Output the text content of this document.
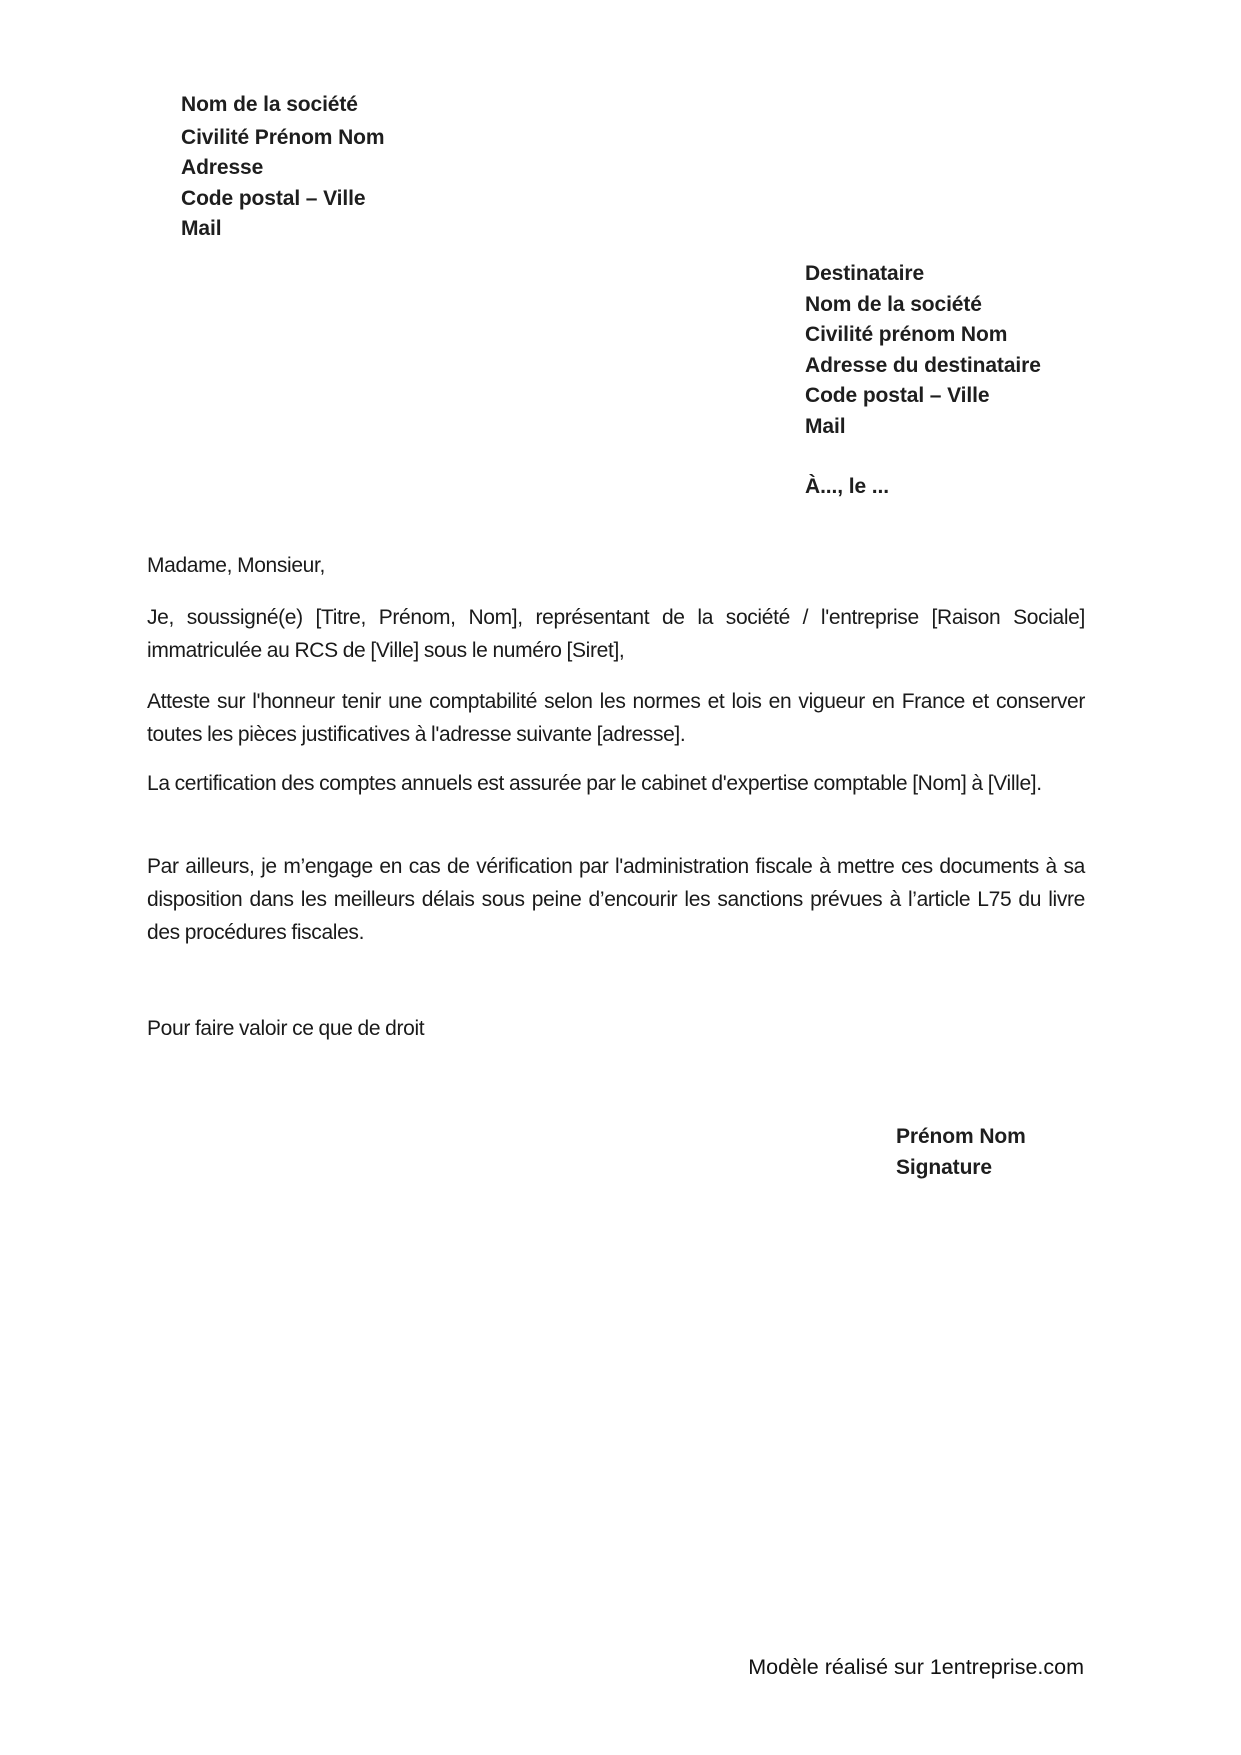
Nom de la société
Civilité Prénom Nom
Adresse
Code postal – Ville
Mail
Destinataire
Nom de la société
Civilité prénom Nom
Adresse du destinataire
Code postal – Ville
Mail
À..., le ...
Madame, Monsieur,
Je, soussigné(e) [Titre, Prénom, Nom], représentant de la société / l'entreprise [Raison Sociale] immatriculée au RCS de [Ville] sous le numéro [Siret],
Atteste sur l'honneur tenir une comptabilité selon les normes et lois en vigueur en France et conserver toutes les pièces justificatives à l'adresse suivante [adresse].
La certification des comptes annuels est assurée par le cabinet d'expertise comptable [Nom] à [Ville].
Par ailleurs, je m’engage en cas de vérification par l'administration fiscale à mettre ces documents à sa disposition dans les meilleurs délais sous peine d’encourir les sanctions prévues à l’article L75 du livre des procédures fiscales.
Pour faire valoir ce que de droit
Prénom Nom
Signature
Modèle réalisé sur 1entreprise.com
